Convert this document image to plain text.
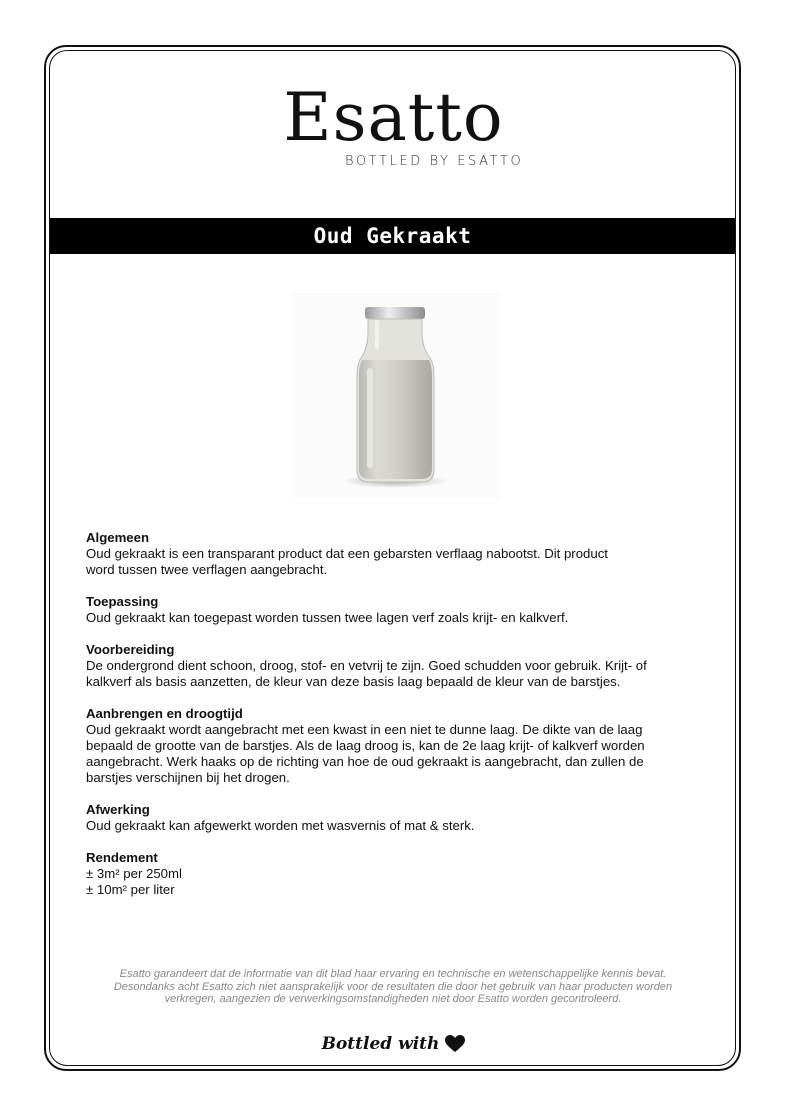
Esatto
BOTTLED BY ESATTO
Oud Gekraakt
Algemeen

Oud gekraakt is een transparant product dat een gebarsten verflaag nabootst. Dit product

word tussen twee verflagen aangebracht.

Toepassing

Oud gekraakt kan toegepast worden tussen twee lagen verf zoals krijt- en kalkverf.

Voorbereiding

De ondergrond dient schoon, droog, stof- en vetvrij te zijn. Goed schudden voor gebruik. Krijt- of

kalkverf als basis aanzetten, de kleur van deze basis laag bepaald de kleur van de barstjes.

Aanbrengen en droogtijd

Oud gekraakt wordt aangebracht met een kwast in een niet te dunne laag. De dikte van de laag

bepaald de grootte van de barstjes. Als de laag droog is, kan de 2e laag krijt- of kalkverf worden

aangebracht. Werk haaks op de richting van hoe de oud gekraakt is aangebracht, dan zullen de

barstjes verschijnen bij het drogen.

Afwerking

Oud gekraakt kan afgewerkt worden met wasvernis of mat & sterk.

Rendement

± 3m² per 250ml

± 10m² per liter

Esatto garandeert dat de informatie van dit blad haar ervaring en technische en wetenschappelijke kennis bevat.
Desondanks acht Esatto zich niet aansprakelijk voor de resultaten die door het gebruik van haar producten worden
verkregen, aangezien de verwerkingsomstandigheden niet door Esatto worden gecontroleerd.
Bottled with
